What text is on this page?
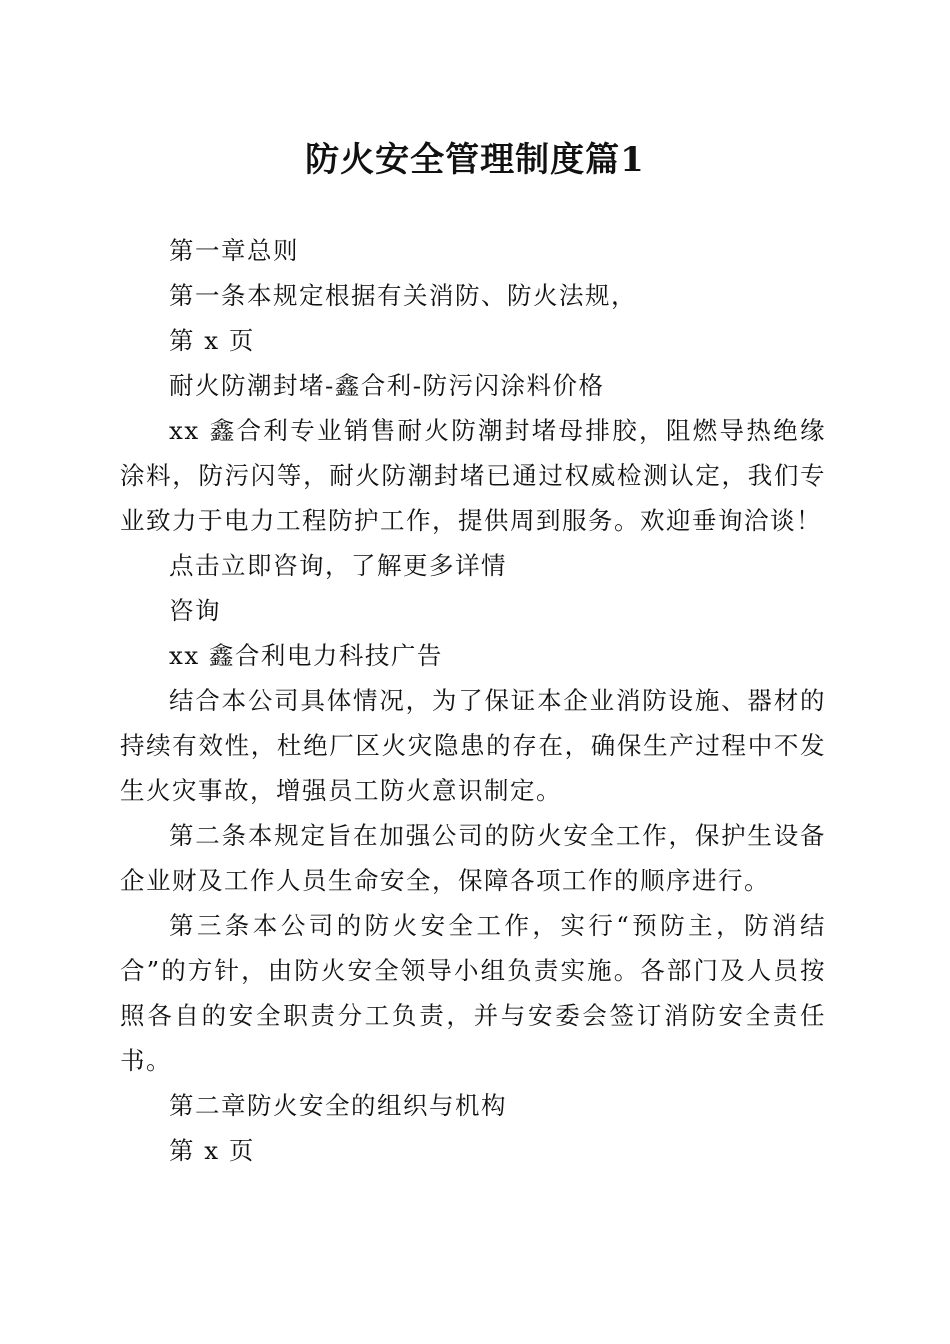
防火安全管理制度篇1

第一章总则

第一条本规定根据有关消防、防火法规，

第 x 页

耐火防潮封堵-鑫合利-防污闪涂料价格

xx 鑫合利专业销售耐火防潮封堵母排胶，阻燃导热绝缘涂料，防污闪等，耐火防潮封堵已通过权威检测认定，我们专业致力于电力工程防护工作，提供周到服务。欢迎垂询洽谈！

点击立即咨询，了解更多详情

咨询

xx 鑫合利电力科技广告

结合本公司具体情况，为了保证本企业消防设施、器材的持续有效性，杜绝厂区火灾隐患的存在，确保生产过程中不发生火灾事故，增强员工防火意识制定。

第二条本规定旨在加强公司的防火安全工作，保护生设备企业财及工作人员生命安全，保障各项工作的顺序进行。

第三条本公司的防火安全工作，实行“预防主，防消结合”的方针，由防火安全领导小组负责实施。各部门及人员按照各自的安全职责分工负责，并与安委会签订消防安全责任书。

第二章防火安全的组织与机构

第 x 页
